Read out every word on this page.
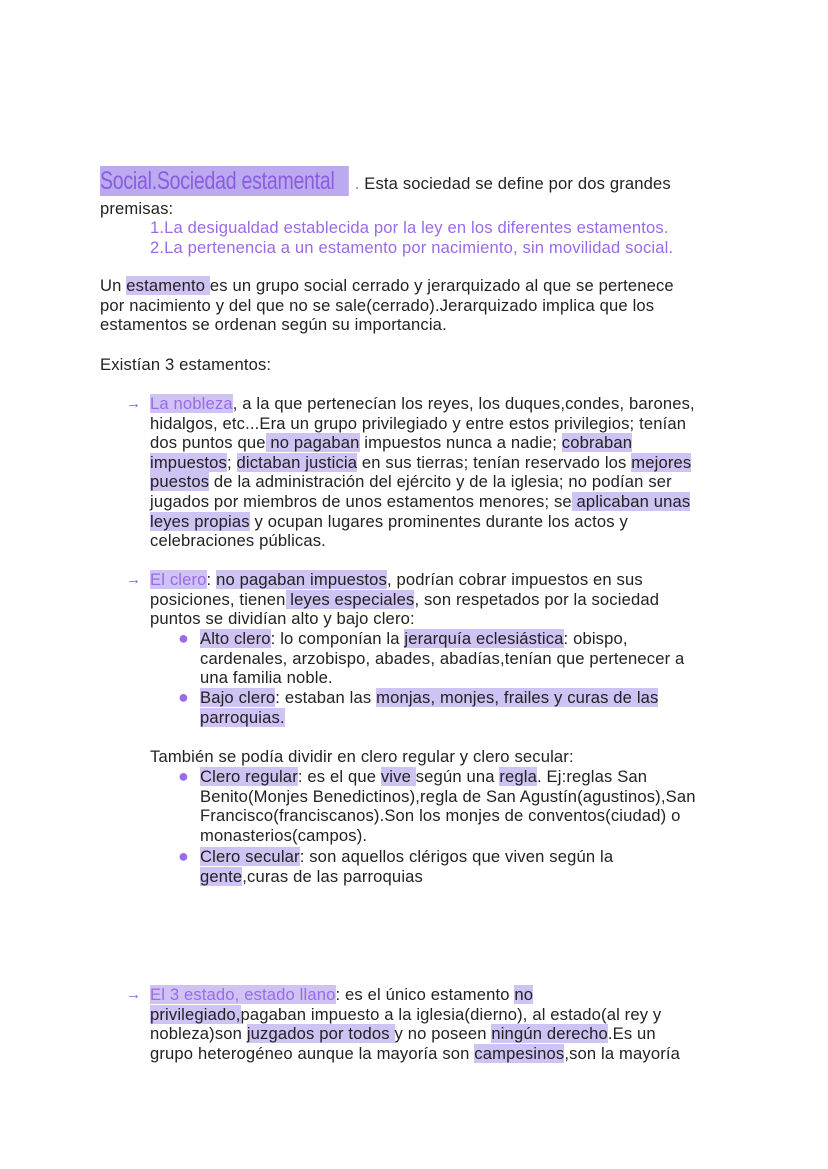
Social.Sociedad estamental . Esta sociedad se define por dos grandes
premisas:
1.La desigualdad establecida por la ley en los diferentes estamentos.
2.La pertenencia a un estamento por nacimiento, sin movilidad social.
Un estamento es un grupo social cerrado y jerarquizado al que se pertenece
por nacimiento y del que no se sale(cerrado).Jerarquizado implica que los
estamentos se ordenan según su importancia.
Existían 3 estamentos:
→ La nobleza, a la que pertenecían los reyes, los duques,condes, barones,
hidalgos, etc...Era un grupo privilegiado y entre estos privilegios; tenían
dos puntos que no pagaban impuestos nunca a nadie; cobraban
impuestos; dictaban justicia en sus tierras; tenían reservado los mejores
puestos de la administración del ejército y de la iglesia; no podían ser
jugados por miembros de unos estamentos menores; se aplicaban unas
leyes propias y ocupan lugares prominentes durante los actos y
celebraciones públicas.
→ El clero: no pagaban impuestos, podrían cobrar impuestos en sus
posiciones, tienen leyes especiales, son respetados por la sociedad
puntos se dividían alto y bajo clero:
● Alto clero: lo componían la jerarquía eclesiástica: obispo,
cardenales, arzobispo, abades, abadías,tenían que pertenecer a
una familia noble.
● Bajo clero: estaban las monjas, monjes, frailes y curas de las
parroquias.
También se podía dividir en clero regular y clero secular:
● Clero regular: es el que vive según una regla. Ej:reglas San
Benito(Monjes Benedictinos),regla de San Agustín(agustinos),San
Francisco(franciscanos).Son los monjes de conventos(ciudad) o
monasterios(campos).
● Clero secular: son aquellos clérigos que viven según la
gente,curas de las parroquias
→ El 3 estado, estado llano: es el único estamento no
privilegiado,pagaban impuesto a la iglesia(dierno), al estado(al rey y
nobleza)son juzgados por todos y no poseen ningún derecho.Es un
grupo heterogéneo aunque la mayoría son campesinos,son la mayoría
